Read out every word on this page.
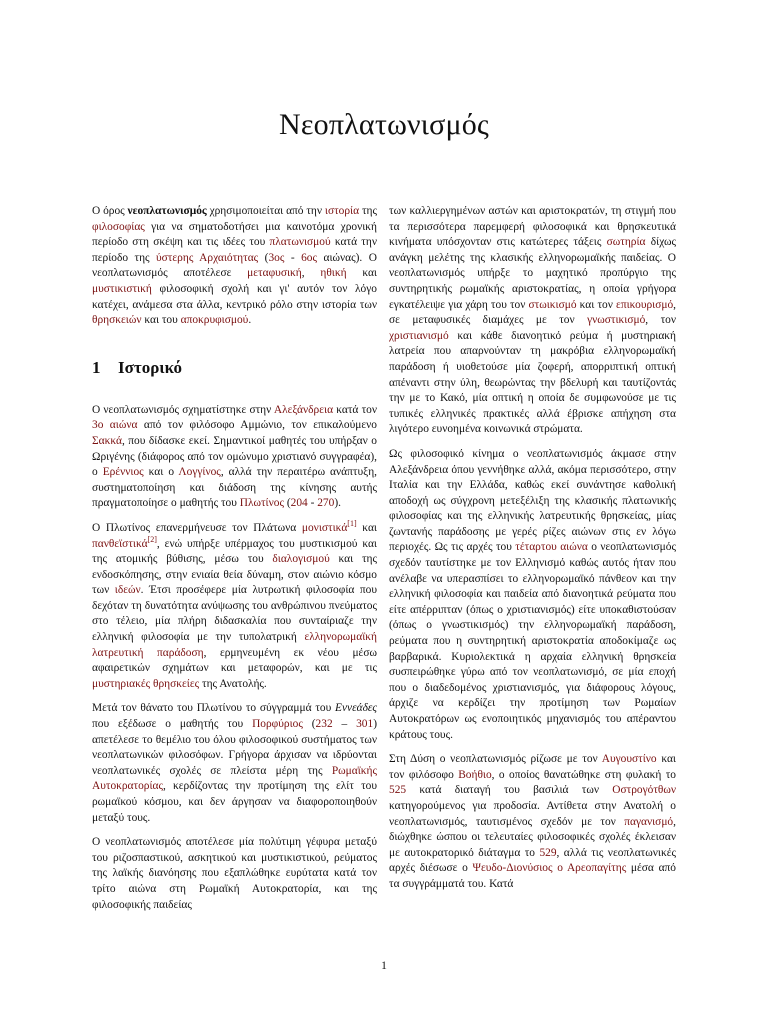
Νεοπλατωνισμός

Ο όρος νεοπλατωνισμός χρησιμοποιείται από την ιστορία της φιλοσοφίας για να σηματοδοτήσει μια καινοτόμα χρονική περίοδο στη σκέψη και τις ιδέες του πλατωνισμού κατά την περίοδο της ύστερης Αρχαιότητας (3ος - 6ος αιώνας). Ο νεοπλατωνισμός αποτέλεσε μεταφυσική, ηθική και μυστικιστική φιλοσοφική σχολή και γι' αυτόν τον λόγο κατέχει, ανάμεσα στα άλλα, κεντρικό ρόλο στην ιστορία των θρησκειών και του αποκρυφισμού.

1 Ιστορικό

Ο νεοπλατωνισμός σχηματίστηκε στην Αλεξάνδρεια κατά τον 3ο αιώνα από τον φιλόσοφο Αμμώνιο, τον επικαλούμενο Σακκά, που δίδασκε εκεί. Σημαντικοί μαθητές του υπήρξαν ο Ωριγένης (διάφορος από τον ομώνυμο χριστιανό συγγραφέα), ο Ερέννιος και ο Λογγίνος, αλλά την περαιτέρω ανάπτυξη, συστηματοποίηση και διάδοση της κίνησης αυτής πραγματοποίησε ο μαθητής του Πλωτίνος (204 - 270).

Ο Πλωτίνος επανερμήνευσε τον Πλάτωνα μονιστικά[1] και πανθεϊστικά[2], ενώ υπήρξε υπέρμαχος του μυστικισμού και της ατομικής βύθισης, μέσω του διαλογισμού και της ενδοσκόπησης, στην ενιαία θεία δύναμη, στον αιώνιο κόσμο των ιδεών. Έτσι προσέφερε μία λυτρωτική φιλοσοφία που δεχόταν τη δυνατότητα ανύψωσης του ανθρώπινου πνεύματος στο τέλειο, μία πλήρη διδασκαλία που συνταίριαζε την ελληνική φιλοσοφία με την τυπολατρική ελληνορωμαϊκή λατρευτική παράδοση, ερμηνευμένη εκ νέου μέσω αφαιρετικών σχημάτων και μεταφορών, και με τις μυστηριακές θρησκείες της Ανατολής.

Μετά τον θάνατο του Πλωτίνου το σύγγραμμά του Εννεάδες που εξέδωσε ο μαθητής του Πορφύριος (232 – 301) απετέλεσε το θεμέλιο του όλου φιλοσοφικού συστήματος των νεοπλατωνικών φιλοσόφων. Γρήγορα άρχισαν να ιδρύονται νεοπλατωνικές σχολές σε πλείστα μέρη της Ρωμαϊκής Αυτοκρατορίας, κερδίζοντας την προτίμηση της ελίτ του ρωμαϊκού κόσμου, και δεν άργησαν να διαφοροποιηθούν μεταξύ τους.

Ο νεοπλατωνισμός αποτέλεσε μία πολύτιμη γέφυρα μεταξύ του ριζοσπαστικού, ασκητικού και μυστικιστικού, ρεύματος της λαϊκής διανόησης που εξαπλώθηκε ευρύτατα κατά τον τρίτο αιώνα στη Ρωμαϊκή Αυτοκρατορία, και της φιλοσοφικής παιδείας

των καλλιεργημένων αστών και αριστοκρατών, τη στιγμή που τα περισσότερα παρεμφερή φιλοσοφικά και θρησκευτικά κινήματα υπόσχονταν στις κατώτερες τάξεις σωτηρία δίχως ανάγκη μελέτης της κλασικής ελληνορωμαϊκής παιδείας. Ο νεοπλατωνισμός υπήρξε το μαχητικό προπύργιο της συντηρητικής ρωμαϊκής αριστοκρατίας, η οποία γρήγορα εγκατέλειψε για χάρη του τον στωικισμό και τον επικουρισμό, σε μεταφυσικές διαμάχες με τον γνωστικισμό, τον χριστιανισμό και κάθε διανοητικό ρεύμα ή μυστηριακή λατρεία που απαρνούνταν τη μακρόβια ελληνορωμαϊκή παράδοση ή υιοθετούσε μία ζοφερή, απορριπτική οπτική απέναντι στην ύλη, θεωρώντας την βδελυρή και ταυτίζοντάς την με το Κακό, μία οπτική η οποία δε συμφωνούσε με τις τυπικές ελληνικές πρακτικές αλλά έβρισκε απήχηση στα λιγότερο ευνοημένα κοινωνικά στρώματα.

Ως φιλοσοφικό κίνημα ο νεοπλατωνισμός άκμασε στην Αλεξάνδρεια όπου γεννήθηκε αλλά, ακόμα περισσότερο, στην Ιταλία και την Ελλάδα, καθώς εκεί συνάντησε καθολική αποδοχή ως σύγχρονη μετεξέλιξη της κλασικής πλατωνικής φιλοσοφίας και της ελληνικής λατρευτικής θρησκείας, μίας ζωντανής παράδοσης με γερές ρίζες αιώνων στις εν λόγω περιοχές. Ως τις αρχές του τέταρτου αιώνα ο νεοπλατωνισμός σχεδόν ταυτίστηκε με τον Ελληνισμό καθώς αυτός ήταν που ανέλαβε να υπερασπίσει το ελληνορωμαϊκό πάνθεον και την ελληνική φιλοσοφία και παιδεία από διανοητικά ρεύματα που είτε απέρριπταν (όπως ο χριστιανισμός) είτε υποκαθιστούσαν (όπως ο γνωστικισμός) την ελληνορωμαϊκή παράδοση, ρεύματα που η συντηρητική αριστοκρατία αποδοκίμαζε ως βαρβαρικά. Κυριολεκτικά η αρχαία ελληνική θρησκεία συσπειρώθηκε γύρω από τον νεοπλατωνισμό, σε μία εποχή που ο διαδεδομένος χριστιανισμός, για διάφορους λόγους, άρχιζε να κερδίζει την προτίμηση των Ρωμαίων Αυτοκρατόρων ως ενοποιητικός μηχανισμός του απέραντου κράτους τους.

Στη Δύση ο νεοπλατωνισμός ρίζωσε με τον Αυγουστίνο και τον φιλόσοφο Βοήθιο, ο οποίος θανατώθηκε στη φυλακή το 525 κατά διαταγή του βασιλιά των Οστρογότθων κατηγορούμενος για προδοσία. Αντίθετα στην Ανατολή ο νεοπλατωνισμός, ταυτισμένος σχεδόν με τον παγανισμό, διώχθηκε ώσπου οι τελευταίες φιλοσοφικές σχολές έκλεισαν με αυτοκρατορικό διάταγμα το 529, αλλά τις νεοπλατωνικές αρχές διέσωσε ο Ψευδο-Διονύσιος ο Αρεοπαγίτης μέσα από τα συγγράμματά του. Κατά

1
